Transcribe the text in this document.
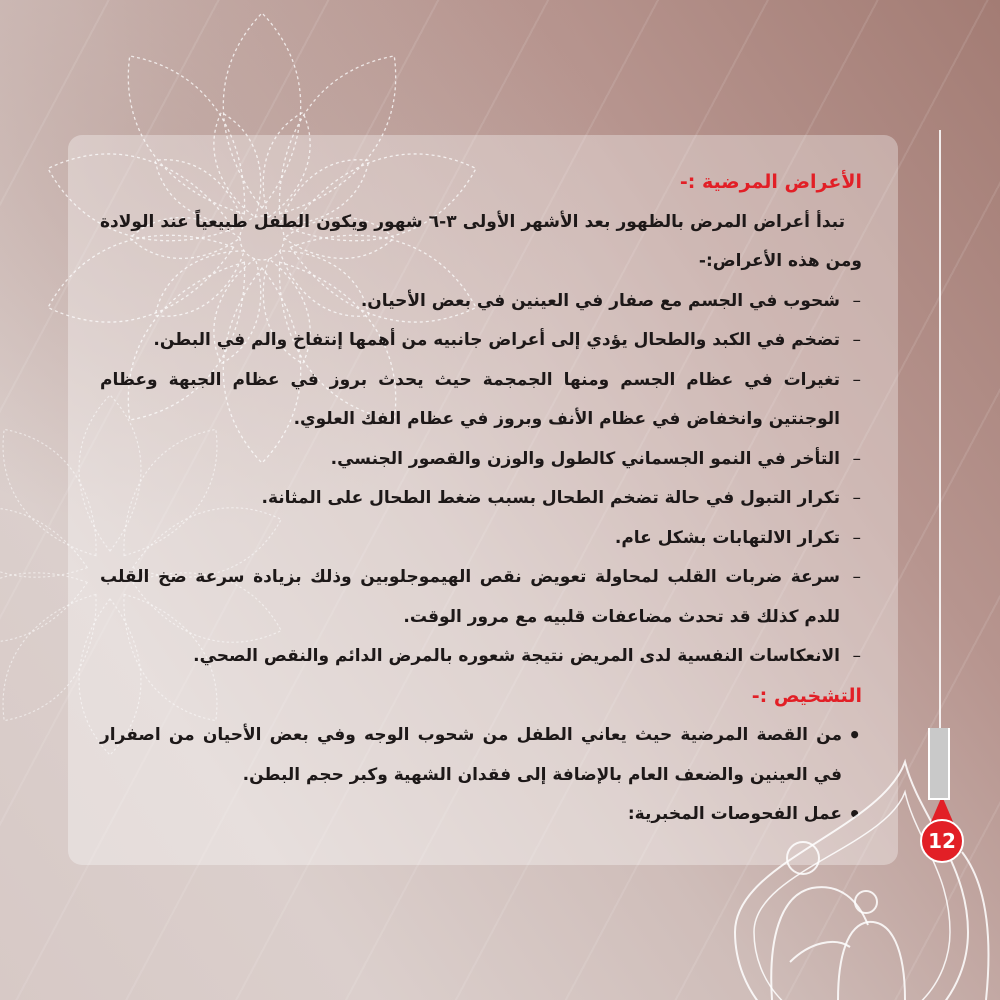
الأعراض المرضية :-

تبدأ أعراض المرض بالظهور بعد الأشهر الأولى ٣-٦ شهور ويكون الطفل طبيعياً عند الولادة ومن هذه الأعراض:-

– شحوب في الجسم مع صفار في العينين في بعض الأحيان.
– تضخم في الكبد والطحال يؤدي إلى أعراض جانبيه من أهمها إنتفاخ والم في البطن.
– تغيرات في عظام الجسم ومنها الجمجمة حيث يحدث بروز في عظام الجبهة وعظام الوجنتين وانخفاض في عظام الأنف وبروز في عظام الفك العلوي.
– التأخر في النمو الجسماني كالطول والوزن والقصور الجنسي.
– تكرار التبول في حالة تضخم الطحال بسبب ضغط الطحال على المثانة.
– تكرار الالتهابات بشكل عام.
– سرعة ضربات القلب لمحاولة تعويض نقص الهيموجلوبين وذلك بزيادة سرعة ضخ القلب للدم كذلك قد تحدث مضاعفات قلبيه مع مرور الوقت.
– الانعكاسات النفسية لدى المريض نتيجة شعوره بالمرض الدائم والنقص الصحي.
التشخيص :-
• من القصة المرضية حيث يعاني الطفل من شحوب الوجه وفي بعض الأحيان من اصفرار في العينين والضعف العام بالإضافة إلى فقدان الشهية وكبر حجم البطن.
• عمل الفحوصات المخبرية:
12
